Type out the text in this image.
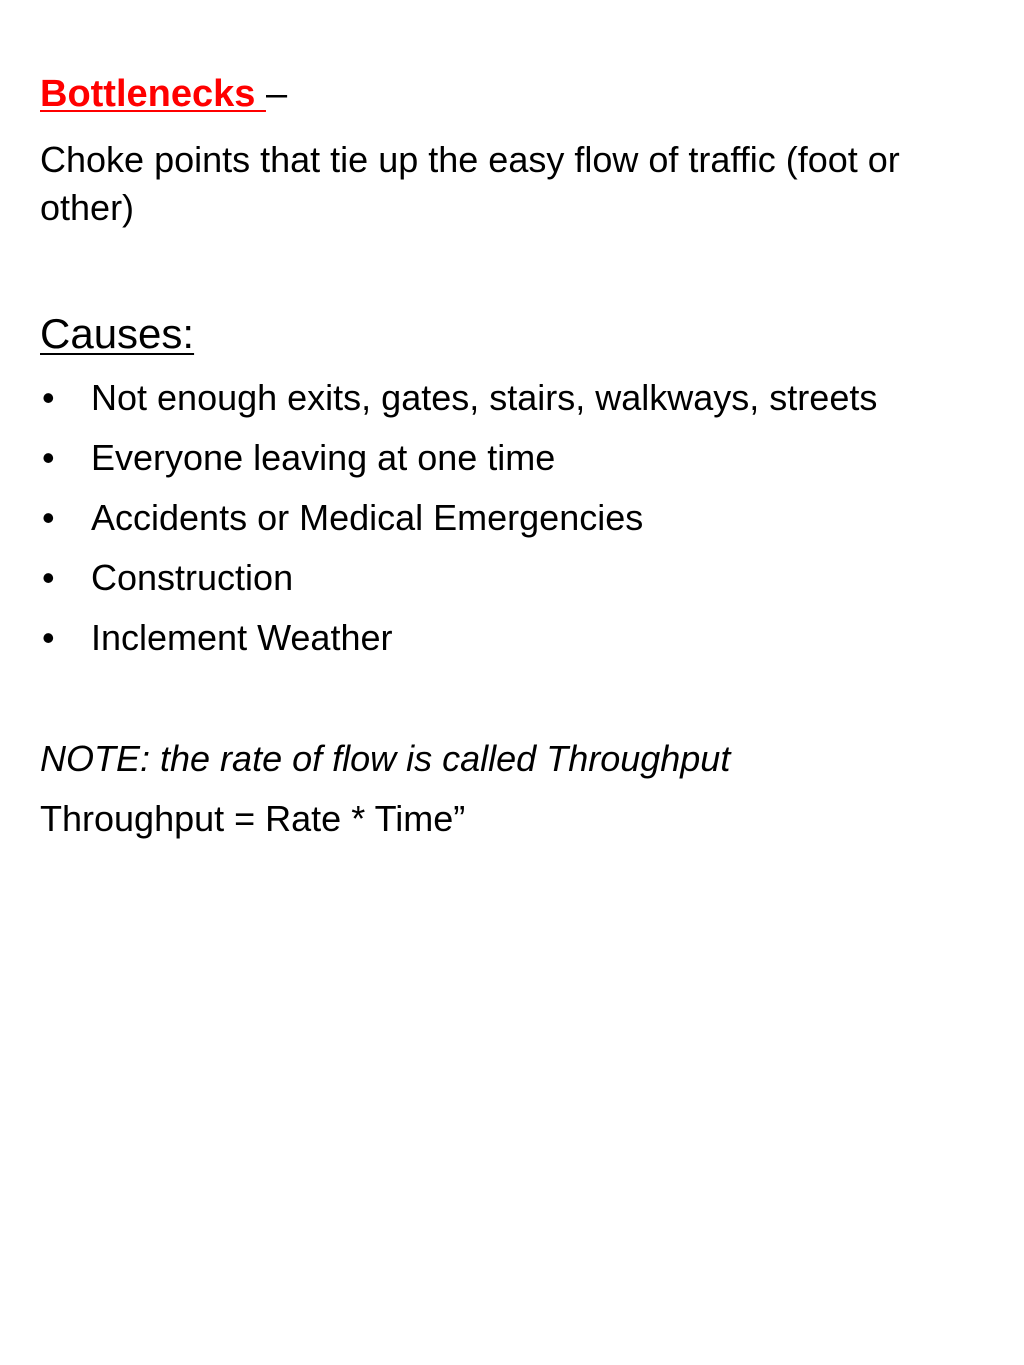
Bottlenecks –
Choke points that tie up the easy flow of traffic (foot or other)
Causes:
• Not enough exits, gates, stairs, walkways, streets
• Everyone leaving at one time
• Accidents or Medical Emergencies
• Construction
• Inclement Weather
NOTE: the rate of flow is called Throughput
Throughput = Rate * Time”
